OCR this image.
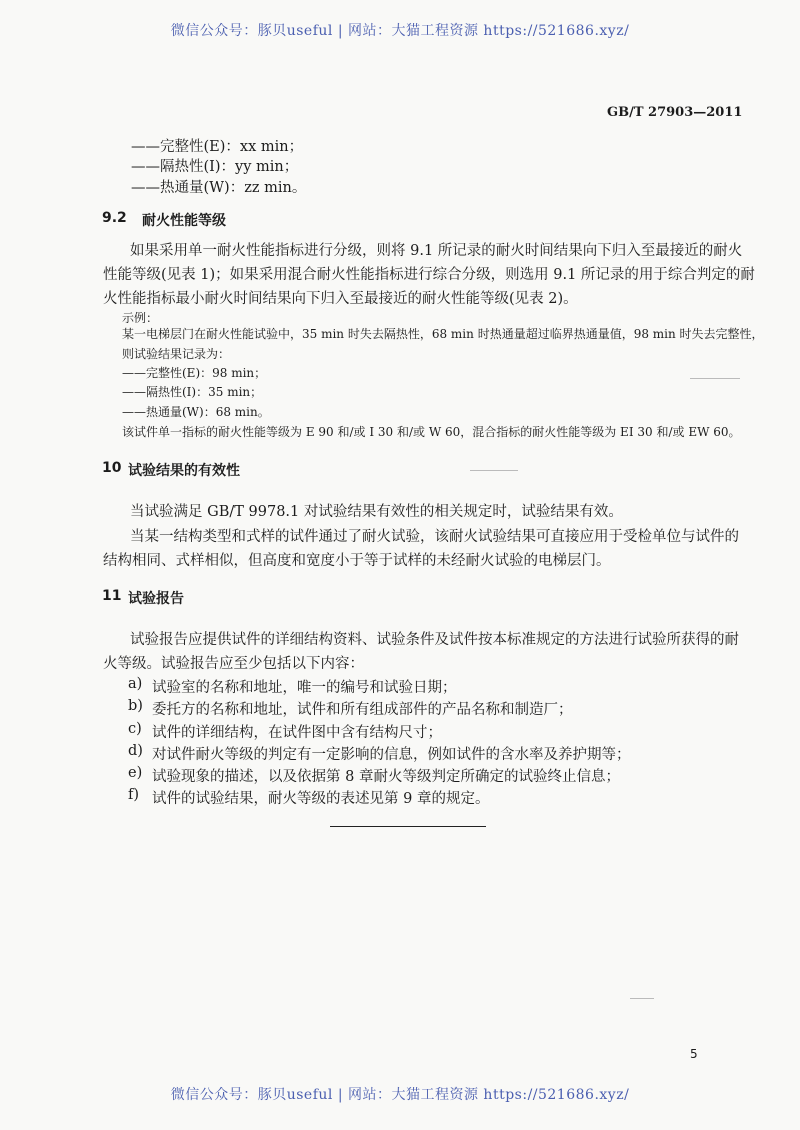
微信公众号：豚贝useful | 网站：大猫工程资源 https://521686.xyz/
GB/T 27903—2011
——完整性(E)：xx min；
——隔热性(I)：yy min；
——热通量(W)：zz min。
9.2 耐火性能等级
如果采用单一耐火性能指标进行分级，则将 9.1 所记录的耐火时间结果向下归入至最接近的耐火
性能等级(见表 1)；如果采用混合耐火性能指标进行综合分级，则选用 9.1 所记录的用于综合判定的耐
火性能指标最小耐火时间结果向下归入至最接近的耐火性能等级(见表 2)。
示例：
某一电梯层门在耐火性能试验中，35 min 时失去隔热性，68 min 时热通量超过临界热通量值，98 min 时失去完整性，
则试验结果记录为：
——完整性(E)：98 min；
——隔热性(I)：35 min；
——热通量(W)：68 min。
该试件单一指标的耐火性能等级为 E 90 和/或 I 30 和/或 W 60，混合指标的耐火性能等级为 EI 30 和/或 EW 60。
10 试验结果的有效性
当试验满足 GB/T 9978.1 对试验结果有效性的相关规定时，试验结果有效。
当某一结构类型和式样的试件通过了耐火试验，该耐火试验结果可直接应用于受检单位与试件的
结构相同、式样相似，但高度和宽度小于等于试样的未经耐火试验的电梯层门。
11 试验报告
试验报告应提供试件的详细结构资料、试验条件及试件按本标准规定的方法进行试验所获得的耐
火等级。试验报告应至少包括以下内容：
a) 试验室的名称和地址，唯一的编号和试验日期；
b) 委托方的名称和地址，试件和所有组成部件的产品名称和制造厂；
c) 试件的详细结构，在试件图中含有结构尺寸；
d) 对试件耐火等级的判定有一定影响的信息，例如试件的含水率及养护期等；
e) 试验现象的描述，以及依据第 8 章耐火等级判定所确定的试验终止信息；
f) 试件的试验结果，耐火等级的表述见第 9 章的规定。
5
微信公众号：豚贝useful | 网站：大猫工程资源 https://521686.xyz/
